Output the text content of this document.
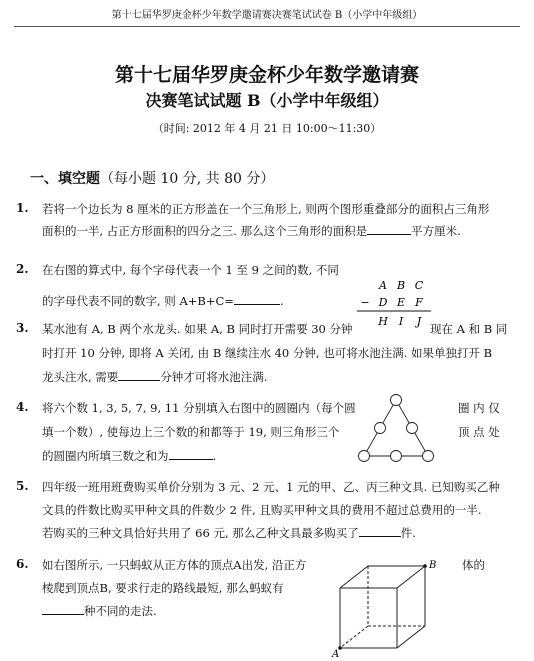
第十七届华罗庚金杯少年数学邀请赛决赛笔试试卷 B（小学中年级组）
第十七届华罗庚金杯少年数学邀请赛
决赛笔试试题 B（小学中年级组）
（时间: 2012 年 4 月 21 日 10:00～11:30）
一、填空题（每小题 10 分, 共 80 分）
1. 若将一个边长为 8 厘米的正方形盖在一个三角形上, 则两个图形重叠部分的面积占三角形
面积的一半, 占正方形面积的四分之三. 那么这个三角形的面积是	平方厘米.
2. 在右图的算式中, 每个字母代表一个 1 至 9 之间的数, 不同
的字母代表不同的数字, 则 A+B+C=	.
A B C
− D E F
H I J
3. 某水池有 A, B 两个水龙头. 如果 A, B 同时打开需要 30 分钟	现在 A 和 B 同
时打开 10 分钟, 即将 A 关闭, 由 B 继续注水 40 分钟, 也可将水池注满. 如果单独打开 B
龙头注水, 需要	分钟才可将水池注满.
4. 将六个数 1, 3, 5, 7, 9, 11 分别填入右图中的圆圈内（每个圆	圈 内 仅
填一个数）, 使每边上三个数的和都等于 19, 则三角形三个	顶 点 处
的圆圈内所填三数之和为	.
5. 四年级一班用班费购买单价分别为 3 元、2 元、1 元的甲、乙、丙三种文具. 已知购买乙种
文具的件数比购买甲种文具的件数少 2 件, 且购买甲种文具的费用不超过总费用的一半.
若购买的三种文具恰好共用了 66 元, 那么乙种文具最多购买了	件.
6. 如右图所示, 一只蚂蚁从正方体的顶点A出发, 沿正方	体的
棱爬到顶点B, 要求行走的路线最短, 那么蚂蚁有
种不同的走法.
B
A
